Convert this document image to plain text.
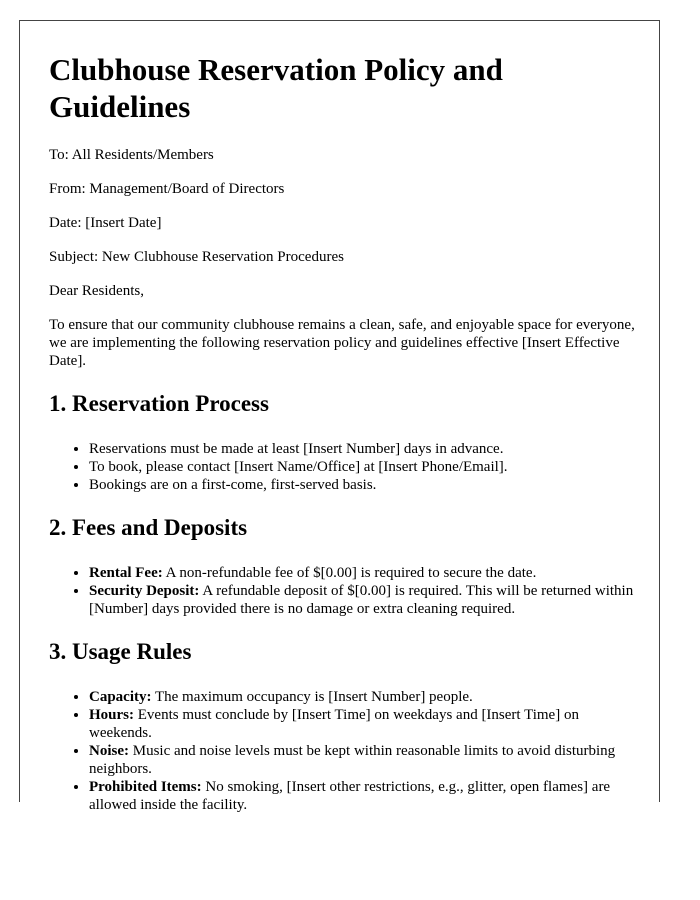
Clubhouse Reservation Policy and Guidelines

To: All Residents/Members

From: Management/Board of Directors

Date: [Insert Date]

Subject: New Clubhouse Reservation Procedures

Dear Residents,

To ensure that our community clubhouse remains a clean, safe, and enjoyable space for everyone, we are implementing the following reservation policy and guidelines effective [Insert Effective Date].

1. Reservation Process
• Reservations must be made at least [Insert Number] days in advance.
• To book, please contact [Insert Name/Office] at [Insert Phone/Email].
• Bookings are on a first-come, first-served basis.
2. Fees and Deposits
• Rental Fee: A non-refundable fee of $[0.00] is required to secure the date.
• Security Deposit: A refundable deposit of $[0.00] is required. This will be returned within [Number] days provided there is no damage or extra cleaning required.
3. Usage Rules
• Capacity: The maximum occupancy is [Insert Number] people.
• Hours: Events must conclude by [Insert Time] on weekdays and [Insert Time] on weekends.
• Noise: Music and noise levels must be kept within reasonable limits to avoid disturbing neighbors.
• Prohibited Items: No smoking, [Insert other restrictions, e.g., glitter, open flames] are allowed inside the facility.
